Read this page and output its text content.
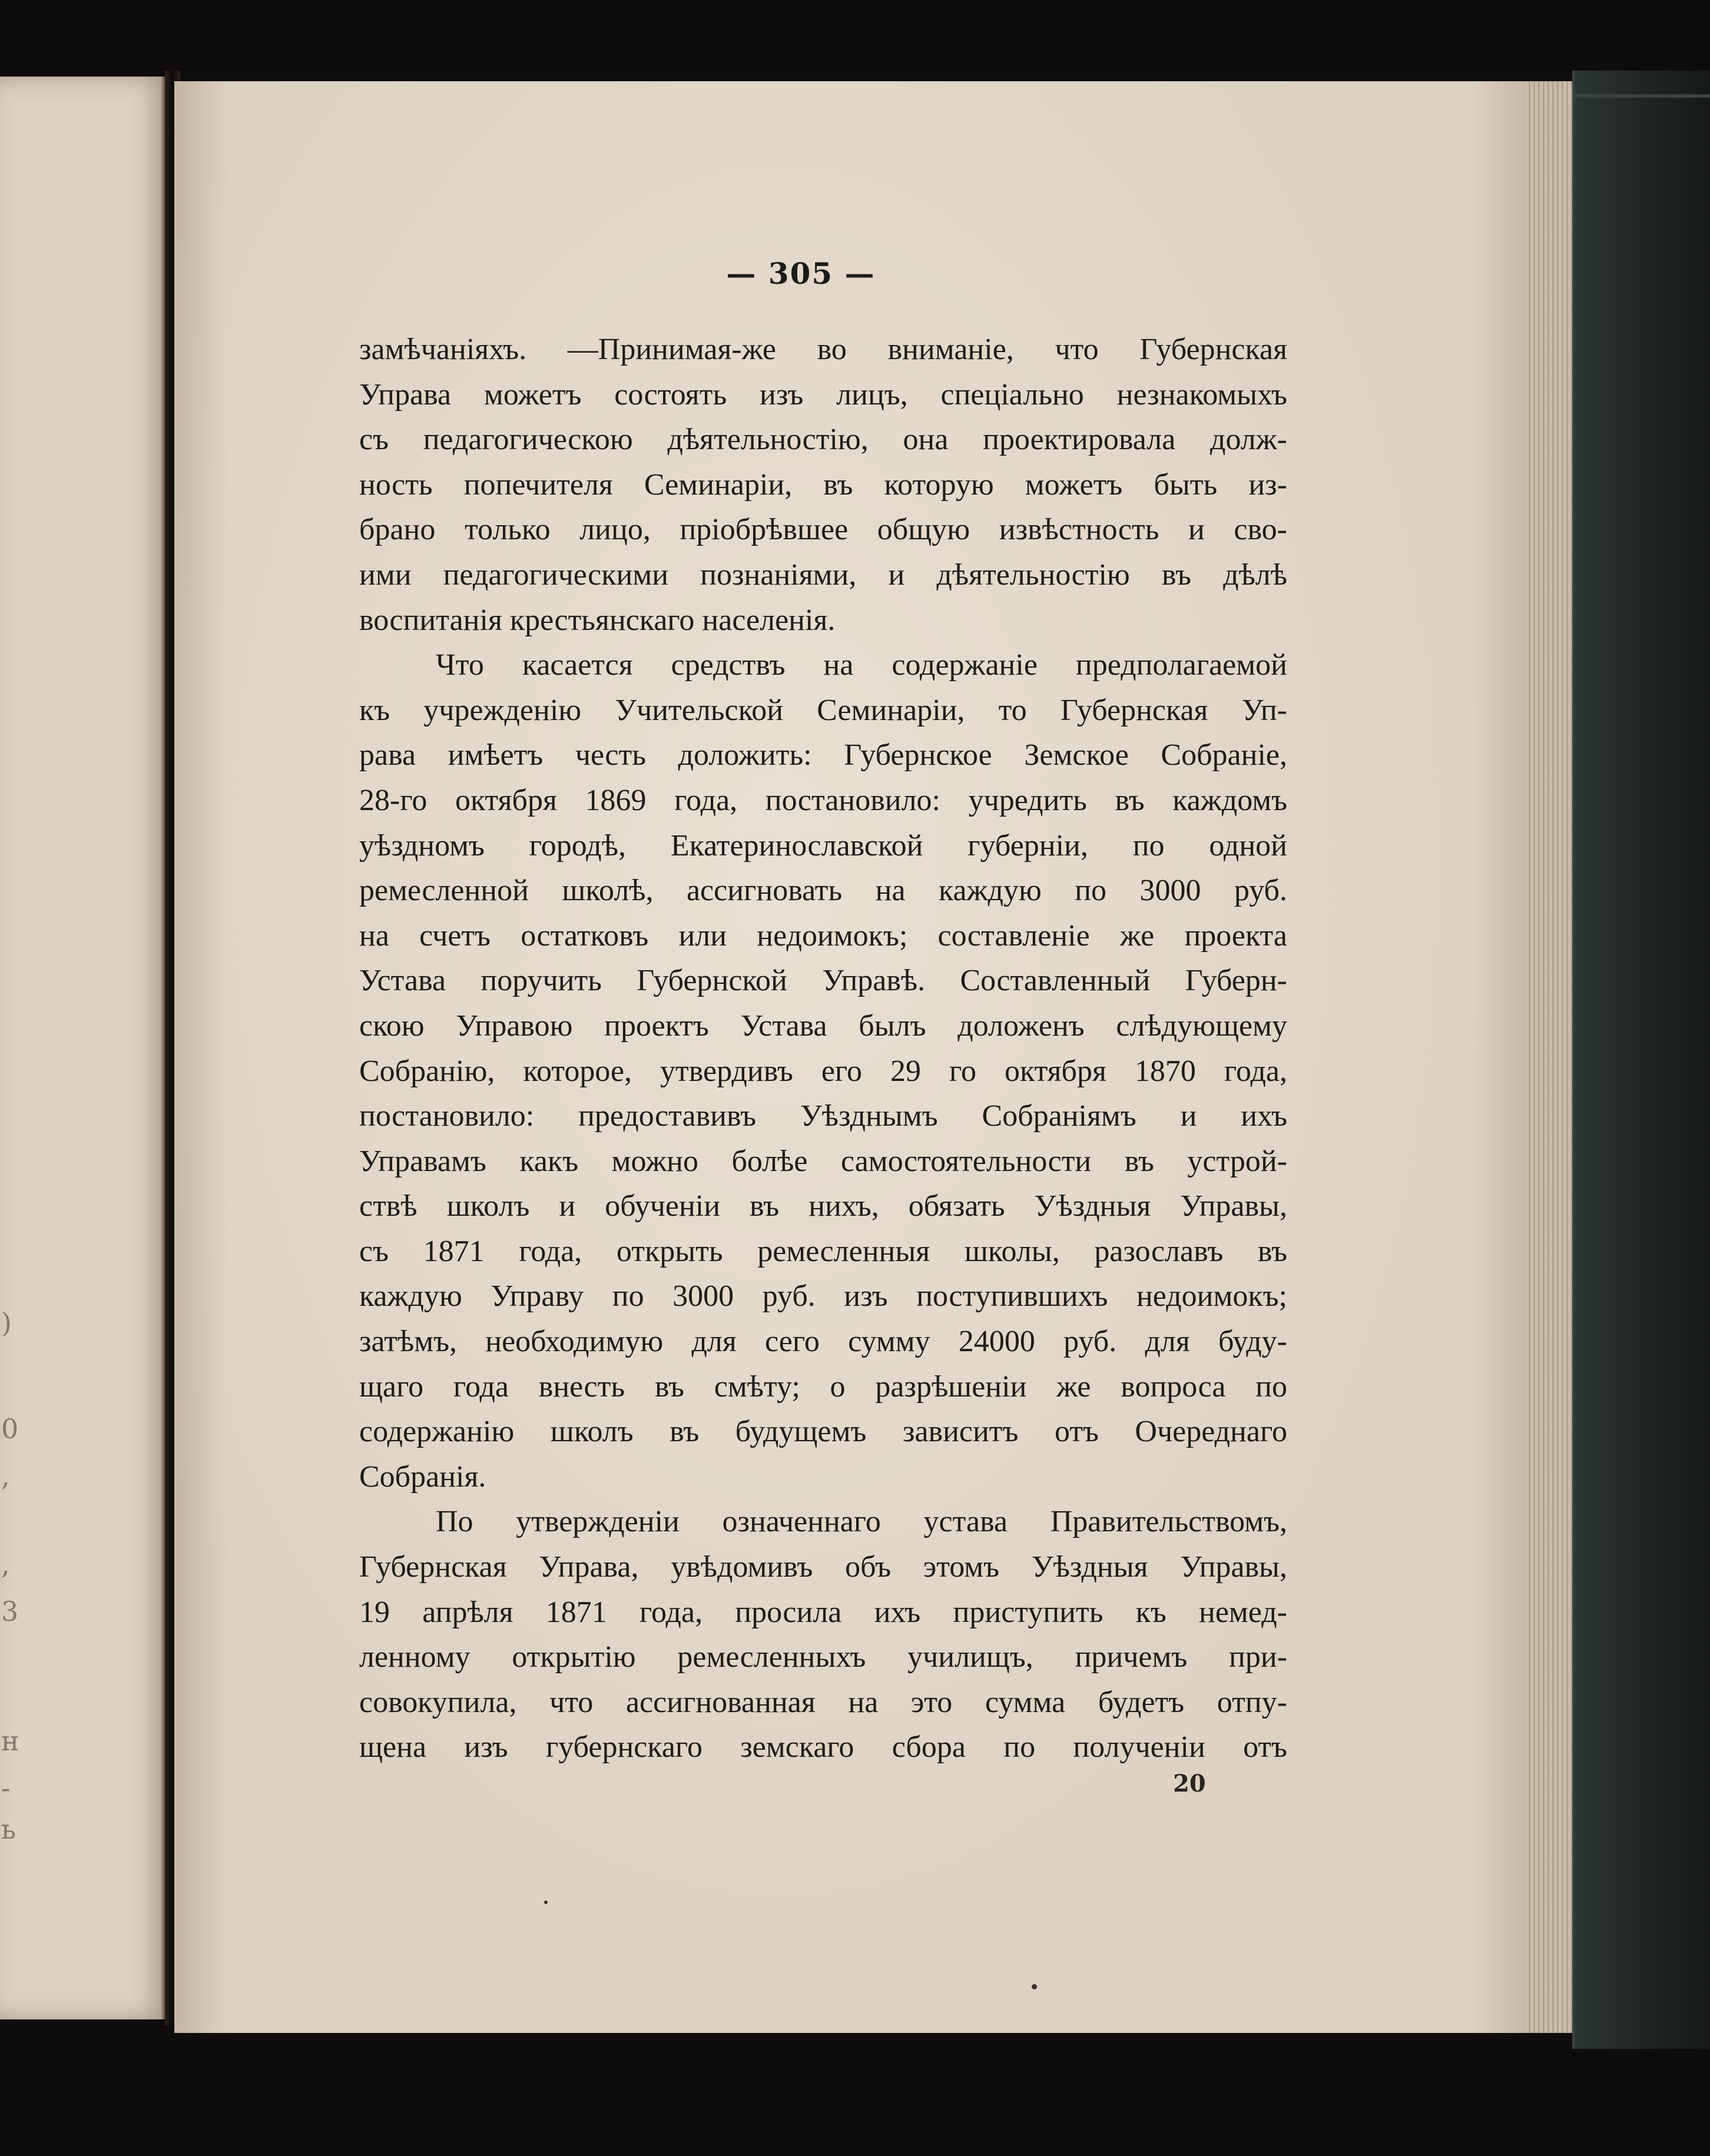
)
0
,
,
3
н
-
ь
— 305 —
замѣчаніяхъ. —Принимая-же во вниманіе, что Губернская
Управа можетъ состоять изъ лицъ, спеціально незнакомыхъ
съ педагогическою дѣятельностію, она проектировала долж-
ность попечителя Семинаріи, въ которую можетъ быть из-
брано только лицо, пріобрѣвшее общую извѣстность и сво-
ими педагогическими познаніями, и дѣятельностію въ дѣлѣ
воспитанія крестьянскаго населенія.
Что касается средствъ на содержаніе предполагаемой
къ учрежденію Учительской Семинаріи, то Губернская Уп-
рава имѣетъ честь доложить: Губернское Земское Собраніе,
28-го октября 1869 года, постановило: учредить въ каждомъ
уѣздномъ городѣ, Екатеринославской губерніи, по одной
ремесленной школѣ, ассигновать на каждую по 3000 руб.
на счетъ остатковъ или недоимокъ; составленіе же проекта
Устава поручить Губернской Управѣ. Составленный Губерн-
скою Управою проектъ Устава былъ доложенъ слѣдующему
Собранію, которое, утвердивъ его 29 го октября 1870 года,
постановило: предоставивъ Уѣзднымъ Собраніямъ и ихъ
Управамъ какъ можно болѣе самостоятельности въ устрой-
ствѣ школъ и обученіи въ нихъ, обязать Уѣздныя Управы,
съ 1871 года, открыть ремесленныя школы, разославъ въ
каждую Управу по 3000 руб. изъ поступившихъ недоимокъ;
затѣмъ, необходимую для сего сумму 24000 руб. для буду-
щаго года внесть въ смѣту; о разрѣшеніи же вопроса по
содержанію школъ въ будущемъ зависитъ отъ Очереднаго
Собранія.
По утвержденіи означеннаго устава Правительствомъ,
Губернская Управа, увѣдомивъ объ этомъ Уѣздныя Управы,
19 апрѣля 1871 года, просила ихъ приступить къ немед-
ленному открытію ремесленныхъ училищъ, причемъ при-
совокупила, что ассигнованная на это сумма будетъ отпу-
щена изъ губернскаго земскаго сбора по полученіи отъ
20
